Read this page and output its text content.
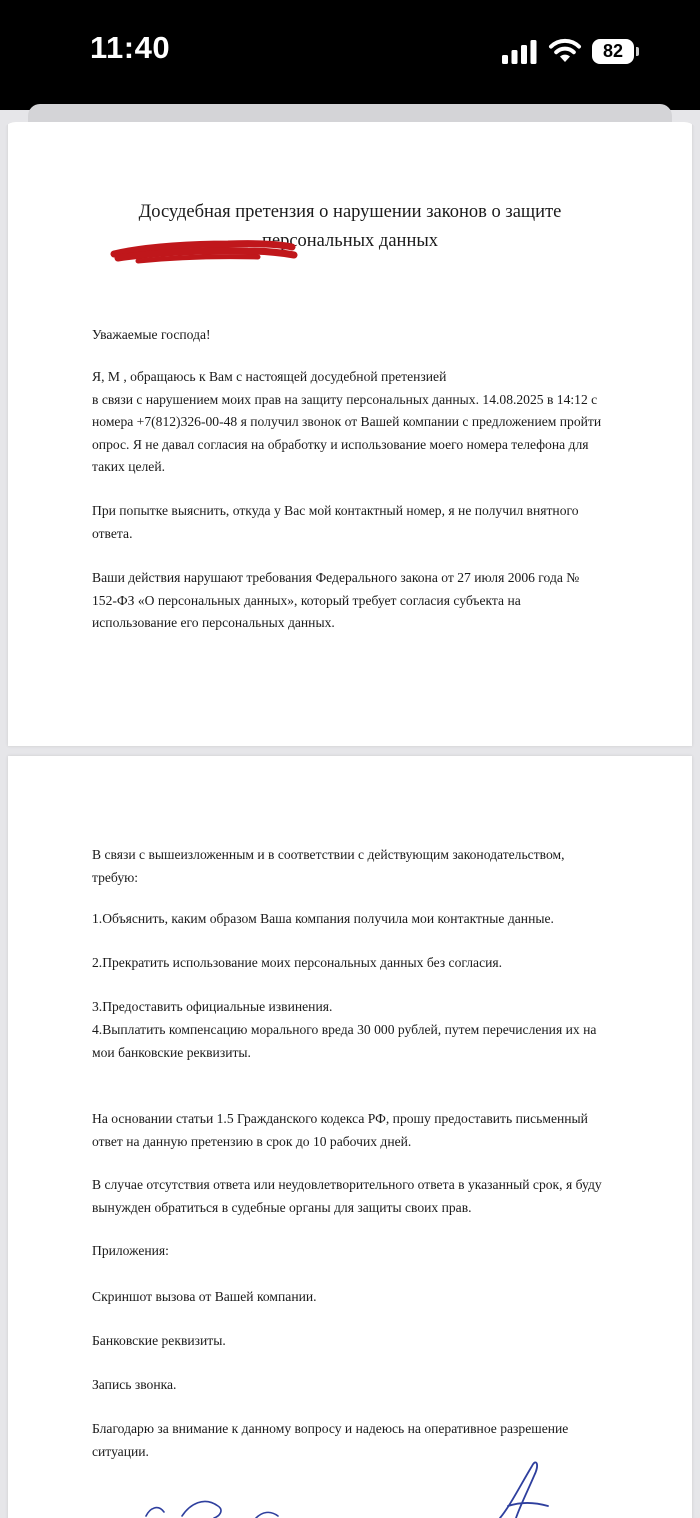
11:40	82
Досудебная претензия о нарушении законов о защите
персональных данных
Уважаемые господа!
Я, М , обращаюсь к Вам с настоящей досудебной претензией
в связи с нарушением моих прав на защиту персональных данных. 14.08.2025 в 14:12 с
номера +7(812)326-00-48 я получил звонок от Вашей компании с предложением пройти
опрос. Я не давал согласия на обработку и использование моего номера телефона для
таких целей.
При попытке выяснить, откуда у Вас мой контактный номер, я не получил внятного
ответа.
Ваши действия нарушают требования Федерального закона от 27 июля 2006 года №
152-ФЗ «О персональных данных», который требует согласия субъекта на
использование его персональных данных.
В связи с вышеизложенным и в соответствии с действующим законодательством,
требую:
1.Объяснить, каким образом Ваша компания получила мои контактные данные.
2.Прекратить использование моих персональных данных без согласия.
3.Предоставить официальные извинения.
4.Выплатить компенсацию морального вреда 30 000 рублей, путем перечисления их на
мои банковские реквизиты.
На основании статьи 1.5 Гражданского кодекса РФ, прошу предоставить письменный
ответ на данную претензию в срок до 10 рабочих дней.
В случае отсутствия ответа или неудовлетворительного ответа в указанный срок, я буду
вынужден обратиться в судебные органы для защиты своих прав.
Приложения:
Скриншот вызова от Вашей компании.
Банковские реквизиты.
Запись звонка.
Благодарю за внимание к данному вопросу и надеюсь на оперативное разрешение
ситуации.
